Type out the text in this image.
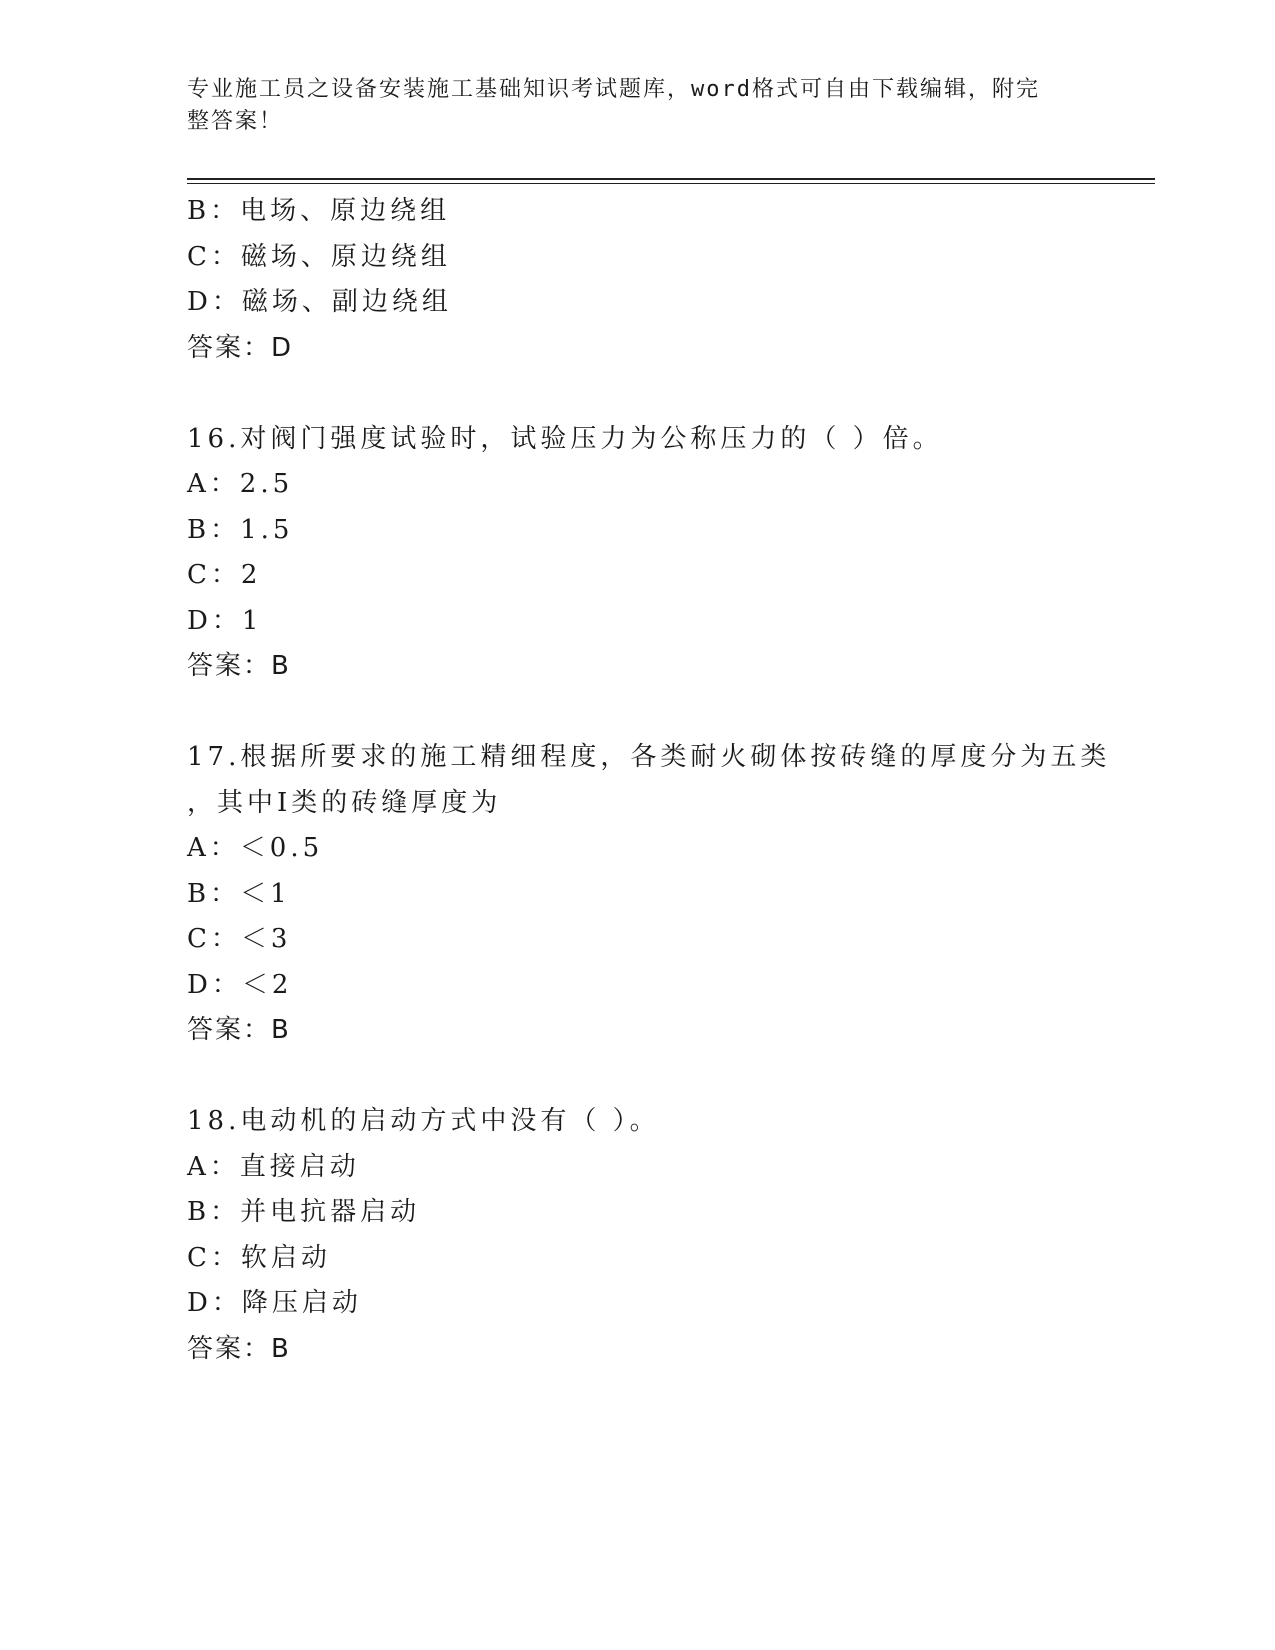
专业施工员之设备安装施工基础知识考试题库，word格式可自由下载编辑，附完
整答案！
B：电场、原边绕组
C：磁场、原边绕组
D：磁场、副边绕组
答案：D
16.对阀门强度试验时，试验压力为公称压力的（ ）倍。
A：2.5
B：1.5
C：2
D：1
答案：B
17.根据所要求的施工精细程度，各类耐火砌体按砖缝的厚度分为五类
，其中Ⅰ类的砖缝厚度为
A：＜0.5
B：＜1
C：＜3
D：＜2
答案：B
18.电动机的启动方式中没有（ ）。
A：直接启动
B：并电抗器启动
C：软启动
D：降压启动
答案：B
